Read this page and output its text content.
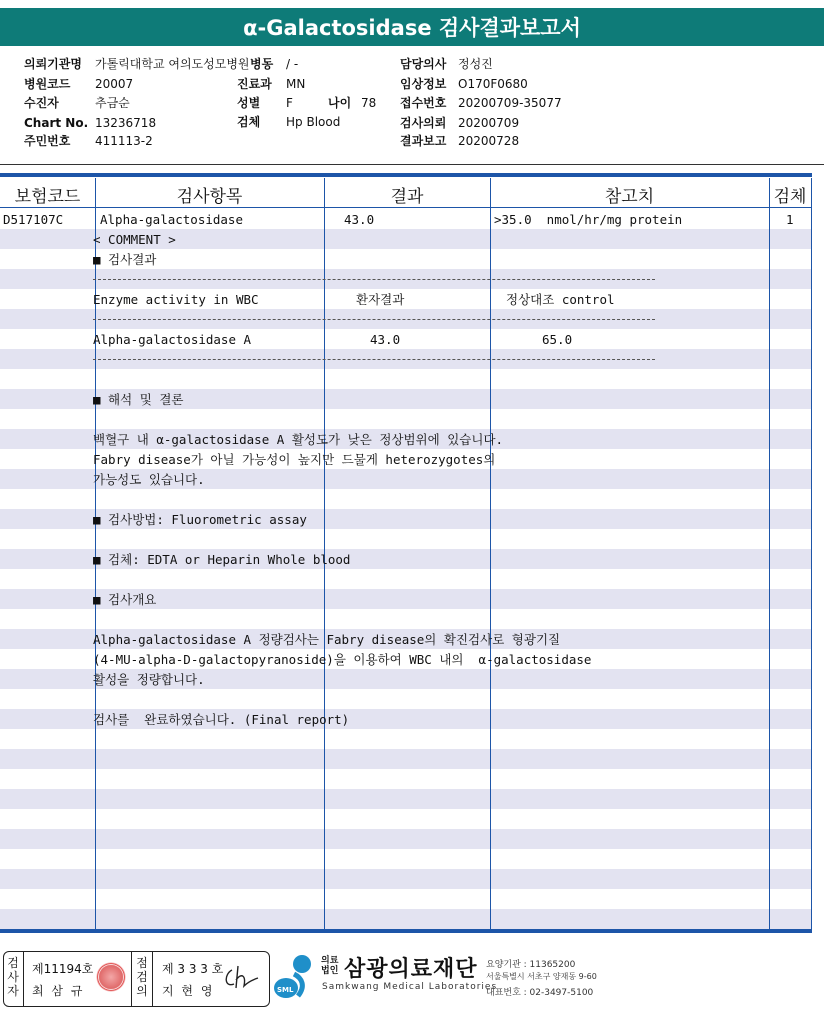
α-Galactosidase 검사결과보고서
의뢰기관명 가톨릭대학교 여의도성모병원 병동 / -	담당의사 정성진
병원코드 20007	진료과 MN	임상정보 O170F0680
수진자	추금순	성별 F	나이 78 접수번호 20200709-35077
Chart No. 13236718	검체 Hp Blood	검사의뢰 20200709
주민번호 411113-2	결과보고 20200728
보험코드	검사항목	결과	참고치	검체
D517107C	Alpha-galactosidase	43.0	>35.0  nmol/hr/mg protein	1
< COMMENT >
■ 검사결과
Enzyme activity in WBC	환자결과	정상대조 control
Alpha-galactosidase A	43.0	65.0
■ 해석 및 결론
백혈구 내 α-galactosidase A 활성도가 낮은 정상범위에 있습니다.
Fabry disease가 아닐 가능성이 높지만 드물게 heterozygotes의
가능성도 있습니다.
■ 검사방법: Fluorometric assay
■ 검체: EDTA or Heparin Whole blood
■ 검사개요
Alpha-galactosidase A 정량검사는 Fabry disease의 확진검사로 형광기질
(4-MU-alpha-D-galactopyranoside)을 이용하여 WBC 내의  α-galactosidase
활성을 정량합니다.
검사를  완료하였습니다. (Final report)
검
사
자
제11194호
최 삼 규
점
검
의
제 3 3 3 호
지 현 영	SML
의료법인 삼광의료재단
Samkwang Medical Laboratories
요양기관 : 11365200
서울특별시 서초구 양재동 9-60
대표번호 : 02-3497-5100
